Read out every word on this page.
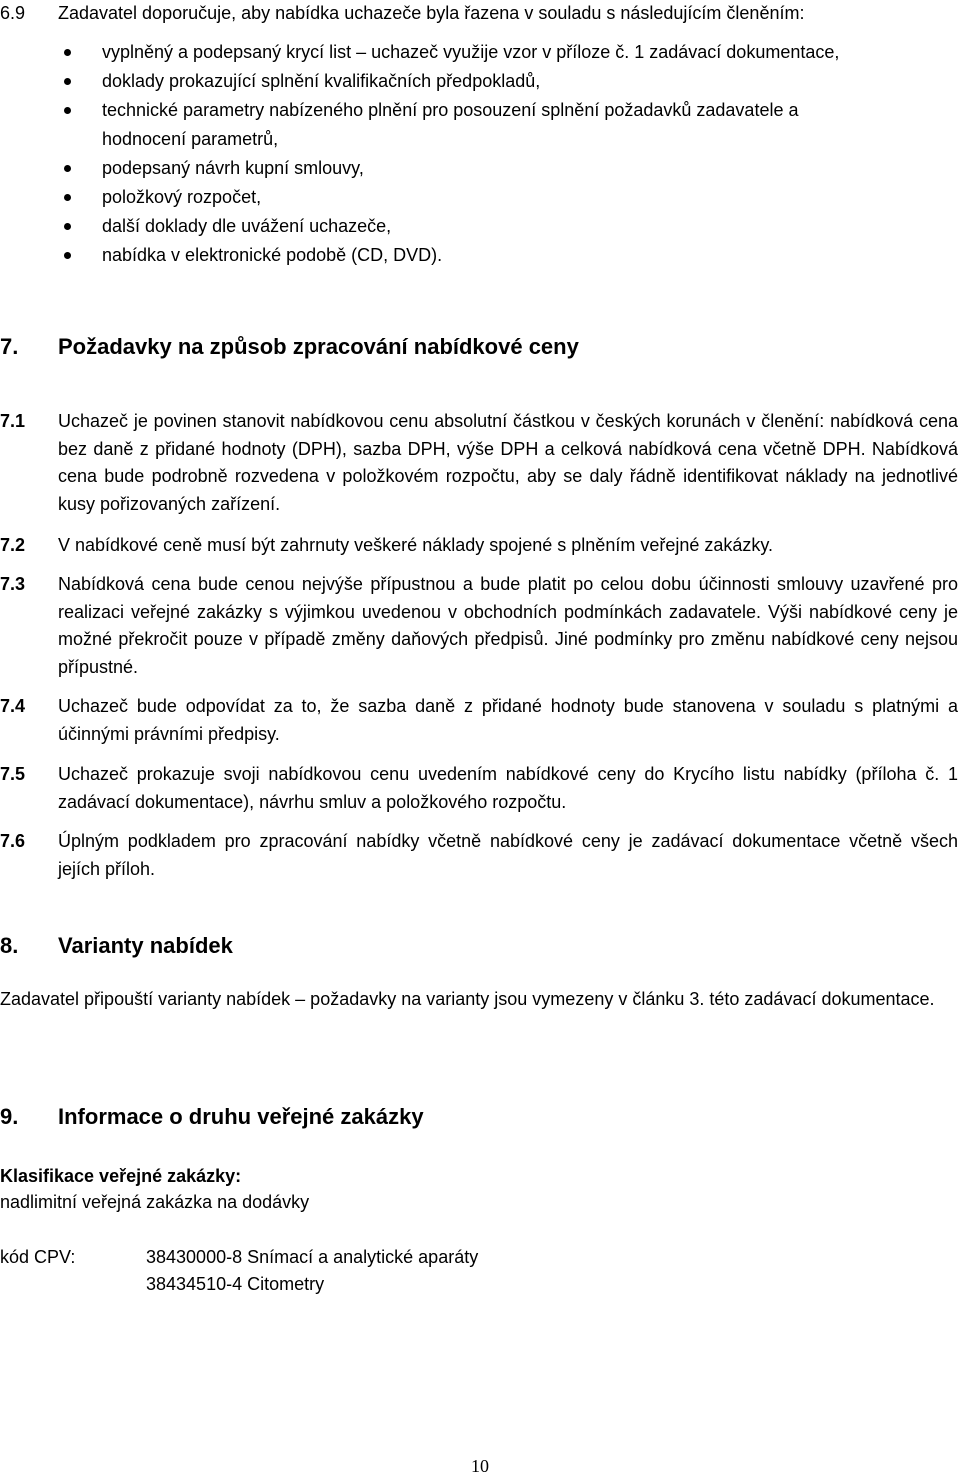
6.9 Zadavatel doporučuje, aby nabídka uchazeče byla řazena v souladu s následujícím členěním:
vyplněný a podepsaný krycí list – uchazeč využije vzor v příloze č. 1 zadávací dokumentace,
doklady prokazující splnění kvalifikačních předpokladů,
technické parametry nabízeného plnění pro posouzení splnění požadavků zadavatele a
hodnocení parametrů,
podepsaný návrh kupní smlouvy,
položkový rozpočet,
další doklady dle uvážení uchazeče,
nabídka v elektronické podobě (CD, DVD).
7. Požadavky na způsob zpracování nabídkové ceny
7.1 Uchazeč je povinen stanovit nabídkovou cenu absolutní částkou v českých korunách v členění: nabídková cena bez daně z přidané hodnoty (DPH), sazba DPH, výše DPH a celková nabídková cena včetně DPH. Nabídková cena bude podrobně rozvedena v položkovém rozpočtu, aby se daly řádně identifikovat náklady na jednotlivé kusy pořizovaných zařízení.
7.2 V nabídkové ceně musí být zahrnuty veškeré náklady spojené s plněním veřejné zakázky.
7.3 Nabídková cena bude cenou nejvýše přípustnou a bude platit po celou dobu účinnosti smlouvy uzavřené pro realizaci veřejné zakázky s výjimkou uvedenou v obchodních podmínkách zadavatele. Výši nabídkové ceny je možné překročit pouze v případě změny daňových předpisů. Jiné podmínky pro změnu nabídkové ceny nejsou přípustné.
7.4 Uchazeč bude odpovídat za to, že sazba daně z přidané hodnoty bude stanovena v souladu s platnými a účinnými právními předpisy.
7.5 Uchazeč prokazuje svoji nabídkovou cenu uvedením nabídkové ceny do Krycího listu nabídky (příloha č. 1 zadávací dokumentace), návrhu smluv a položkového rozpočtu.
7.6 Úplným podkladem pro zpracování nabídky včetně nabídkové ceny je zadávací dokumentace včetně všech jejích příloh.
8. Varianty nabídek
Zadavatel připouští varianty nabídek – požadavky na varianty jsou vymezeny v článku 3. této zadávací dokumentace.
9. Informace o druhu veřejné zakázky
Klasifikace veřejné zakázky:
nadlimitní veřejná zakázka na dodávky
kód CPV:	38430000-8 Snímací a analytické aparáty
38434510-4 Citometry
10
